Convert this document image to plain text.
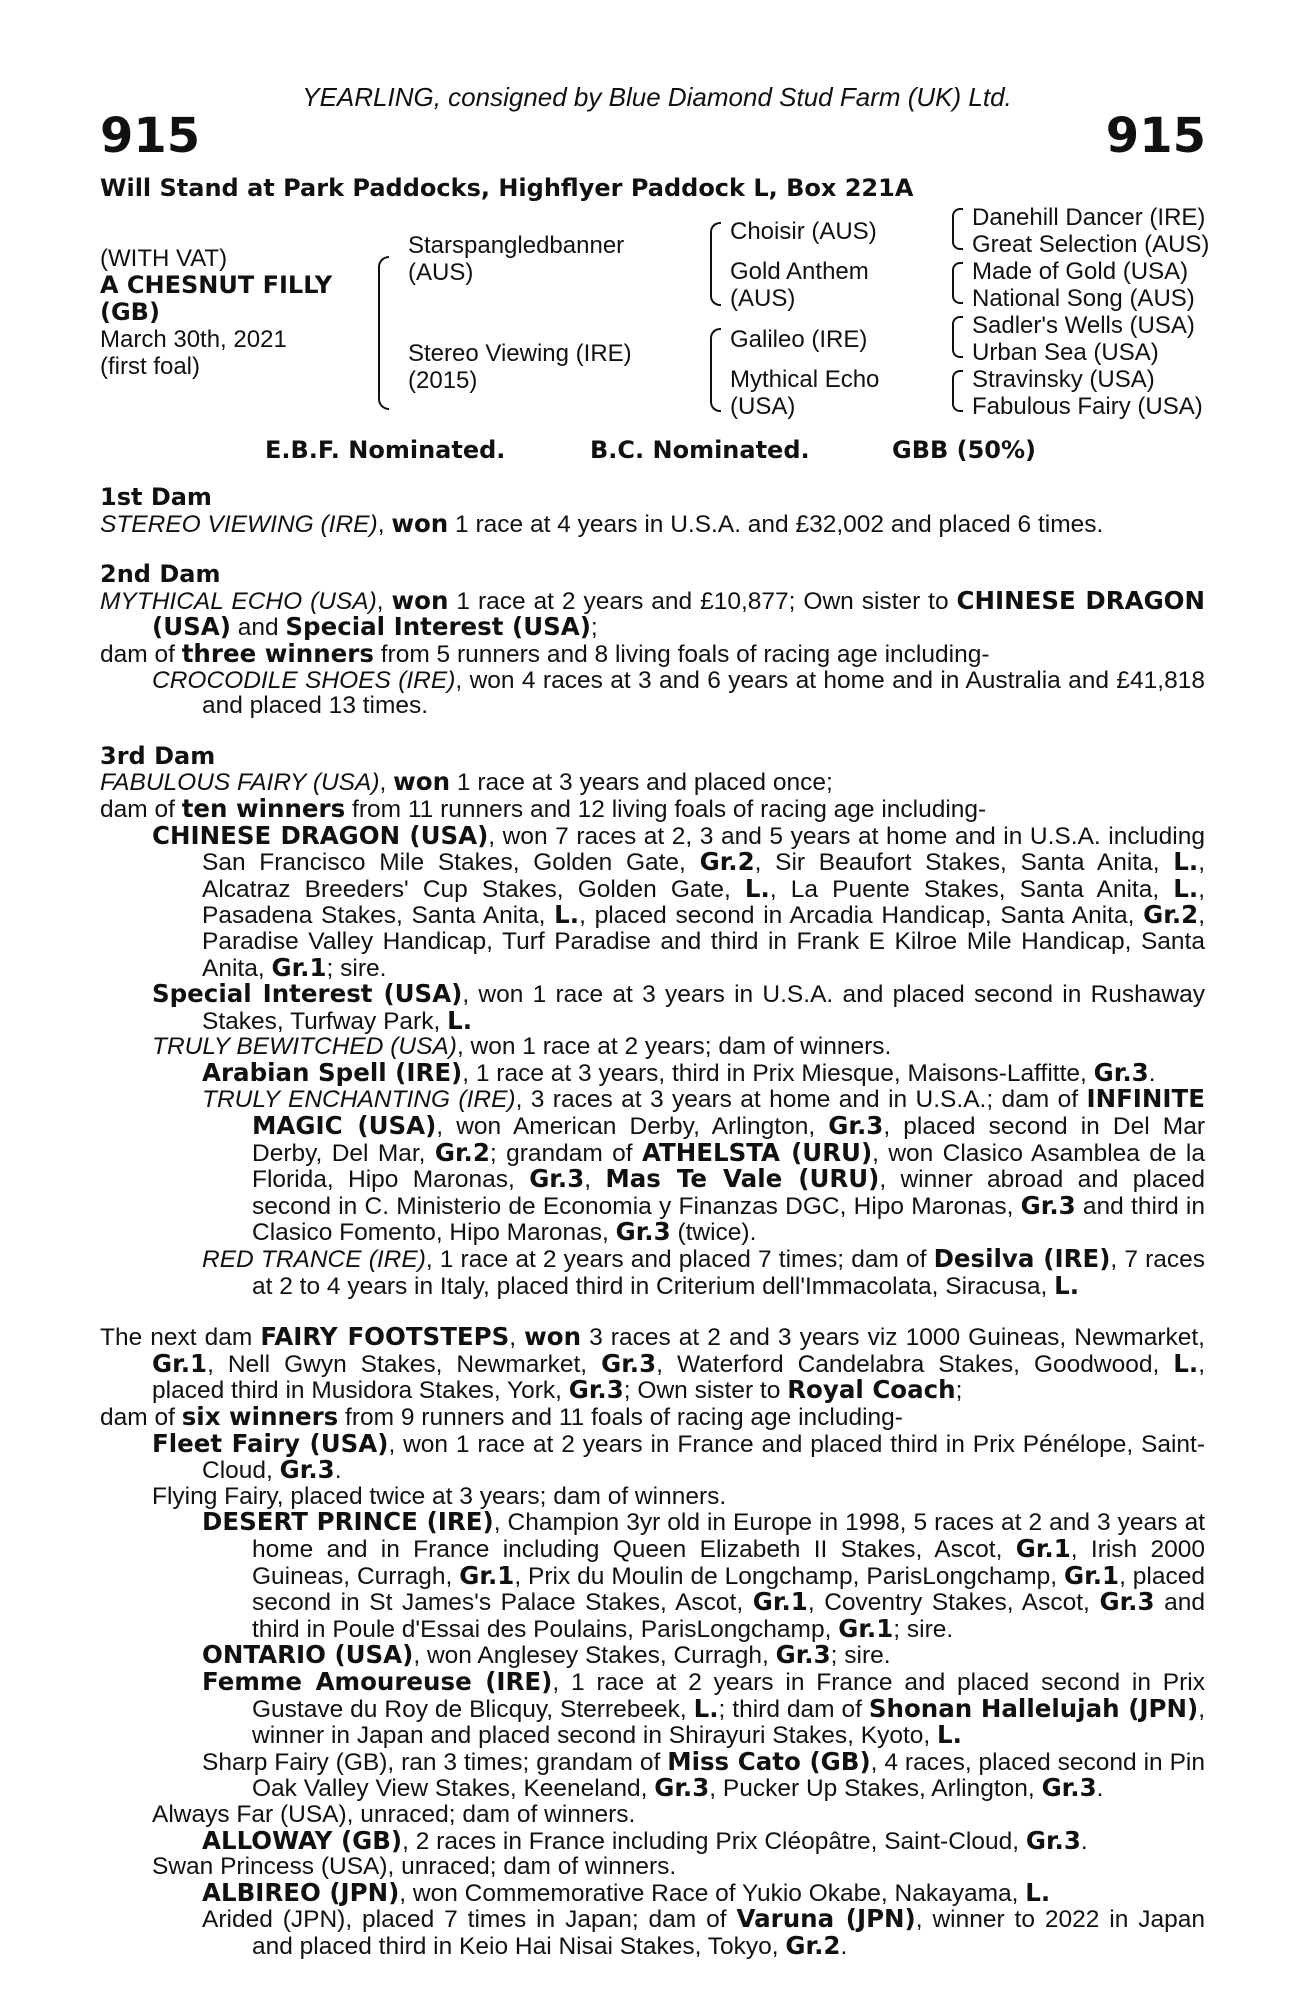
YEARLING, consigned by Blue Diamond Stud Farm (UK) Ltd.
915	915
Will Stand at Park Paddocks, Highflyer Paddock L, Box 221A
(WITH VAT)
A CHESNUT FILLY
(GB)
March 30th, 2021
(first foal)
Starspangledbanner
(AUS)
Stereo Viewing (IRE)
(2015)
Choisir (AUS)
Gold Anthem
(AUS)
Galileo (IRE)
Mythical Echo
(USA)
Danehill Dancer (IRE)
Great Selection (AUS)
Made of Gold (USA)
National Song (AUS)
Sadler's Wells (USA)
Urban Sea (USA)
Stravinsky (USA)
Fabulous Fairy (USA)
E.B.F. Nominated.	B.C. Nominated.	GBB (50%)
1st Dam

STEREO VIEWING (IRE), won 1 race at 4 years in U.S.A. and £32,002 and placed 6 times.

2nd Dam

MYTHICAL ECHO (USA), won 1 race at 2 years and £10,877; Own sister to CHINESE DRAGON (USA) and Special Interest (USA);

dam of three winners from 5 runners and 8 living foals of racing age including-

CROCODILE SHOES (IRE), won 4 races at 3 and 6 years at home and in Australia and £41,818 and placed 13 times.

3rd Dam

FABULOUS FAIRY (USA), won 1 race at 3 years and placed once;

dam of ten winners from 11 runners and 12 living foals of racing age including-

CHINESE DRAGON (USA), won 7 races at 2, 3 and 5 years at home and in U.S.A. including San Francisco Mile Stakes, Golden Gate, Gr.2, Sir Beaufort Stakes, Santa Anita, L., Alcatraz Breeders' Cup Stakes, Golden Gate, L., La Puente Stakes, Santa Anita, L., Pasadena Stakes, Santa Anita, L., placed second in Arcadia Handicap, Santa Anita, Gr.2, Paradise Valley Handicap, Turf Paradise and third in Frank E Kilroe Mile Handicap, Santa Anita, Gr.1; sire.

Special Interest (USA), won 1 race at 3 years in U.S.A. and placed second in Rushaway Stakes, Turfway Park, L.

TRULY BEWITCHED (USA), won 1 race at 2 years; dam of winners.

Arabian Spell (IRE), 1 race at 3 years, third in Prix Miesque, Maisons-Laffitte, Gr.3.

TRULY ENCHANTING (IRE), 3 races at 3 years at home and in U.S.A.; dam of INFINITE MAGIC (USA), won American Derby, Arlington, Gr.3, placed second in Del Mar Derby, Del Mar, Gr.2; grandam of ATHELSTA (URU), won Clasico Asamblea de la Florida, Hipo Maronas, Gr.3, Mas Te Vale (URU), winner abroad and placed second in C. Ministerio de Economia y Finanzas DGC, Hipo Maronas, Gr.3 and third in Clasico Fomento, Hipo Maronas, Gr.3 (twice).

RED TRANCE (IRE), 1 race at 2 years and placed 7 times; dam of Desilva (IRE), 7 races at 2 to 4 years in Italy, placed third in Criterium dell'Immacolata, Siracusa, L.

The next dam FAIRY FOOTSTEPS, won 3 races at 2 and 3 years viz 1000 Guineas, Newmarket, Gr.1, Nell Gwyn Stakes, Newmarket, Gr.3, Waterford Candelabra Stakes, Goodwood, L., placed third in Musidora Stakes, York, Gr.3; Own sister to Royal Coach;

dam of six winners from 9 runners and 11 foals of racing age including-

Fleet Fairy (USA), won 1 race at 2 years in France and placed third in Prix Pénélope, Saint-Cloud, Gr.3.

Flying Fairy, placed twice at 3 years; dam of winners.

DESERT PRINCE (IRE), Champion 3yr old in Europe in 1998, 5 races at 2 and 3 years at home and in France including Queen Elizabeth II Stakes, Ascot, Gr.1, Irish 2000 Guineas, Curragh, Gr.1, Prix du Moulin de Longchamp, ParisLongchamp, Gr.1, placed second in St James's Palace Stakes, Ascot, Gr.1, Coventry Stakes, Ascot, Gr.3 and third in Poule d'Essai des Poulains, ParisLongchamp, Gr.1; sire.

ONTARIO (USA), won Anglesey Stakes, Curragh, Gr.3; sire.

Femme Amoureuse (IRE), 1 race at 2 years in France and placed second in Prix Gustave du Roy de Blicquy, Sterrebeek, L.; third dam of Shonan Hallelujah (JPN), winner in Japan and placed second in Shirayuri Stakes, Kyoto, L.

Sharp Fairy (GB), ran 3 times; grandam of Miss Cato (GB), 4 races, placed second in Pin Oak Valley View Stakes, Keeneland, Gr.3, Pucker Up Stakes, Arlington, Gr.3.

Always Far (USA), unraced; dam of winners.

ALLOWAY (GB), 2 races in France including Prix Cléopâtre, Saint-Cloud, Gr.3.

Swan Princess (USA), unraced; dam of winners.

ALBIREO (JPN), won Commemorative Race of Yukio Okabe, Nakayama, L.

Arided (JPN), placed 7 times in Japan; dam of Varuna (JPN), winner to 2022 in Japan and placed third in Keio Hai Nisai Stakes, Tokyo, Gr.2.
